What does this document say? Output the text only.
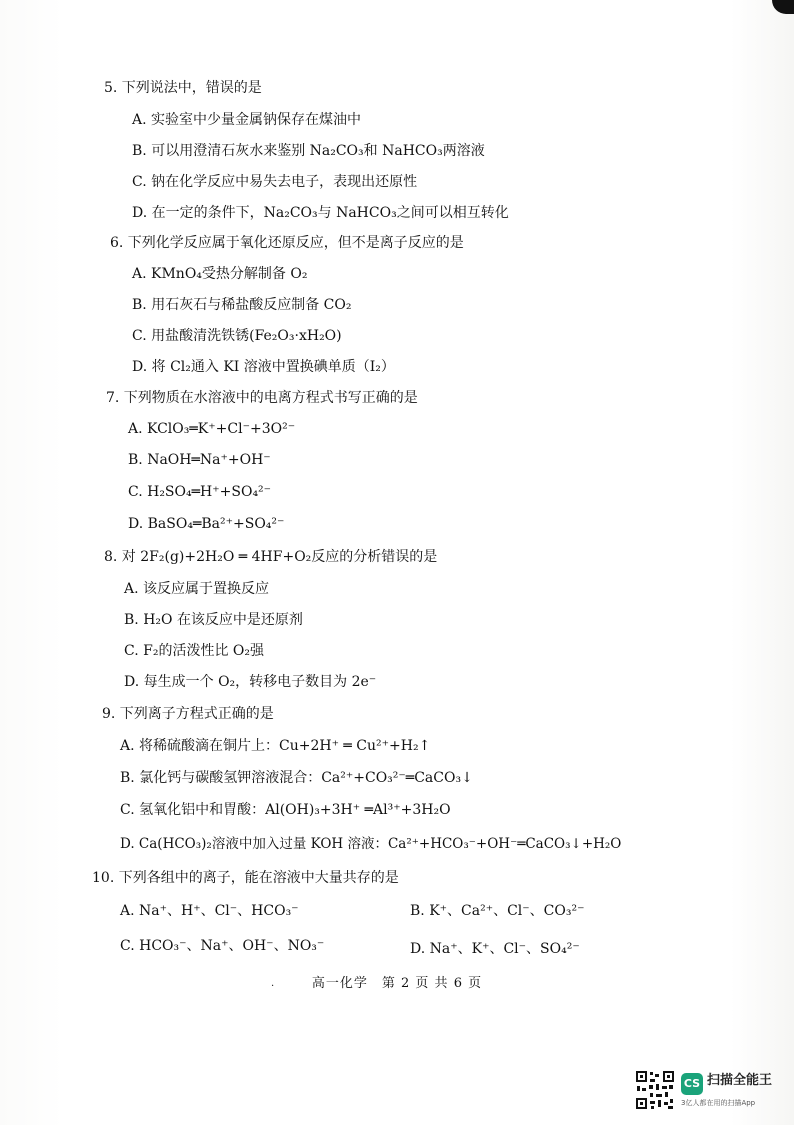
5. 下列说法中，错误的是
A. 实验室中少量金属钠保存在煤油中
B. 可以用澄清石灰水来鉴别 Na₂CO₃和 NaHCO₃两溶液
C. 钠在化学反应中易失去电子，表现出还原性
D. 在一定的条件下，Na₂CO₃与 NaHCO₃之间可以相互转化
6. 下列化学反应属于氧化还原反应，但不是离子反应的是
A. KMnO₄受热分解制备 O₂
B. 用石灰石与稀盐酸反应制备 CO₂
C. 用盐酸清洗铁锈(Fe₂O₃·xH₂O)
D. 将 Cl₂通入 KI 溶液中置换碘单质（I₂）
7. 下列物质在水溶液中的电离方程式书写正确的是
A. KClO₃═K⁺+Cl⁻+3O²⁻
B. NaOH═Na⁺+OH⁻
C. H₂SO₄═H⁺+SO₄²⁻
D. BaSO₄═Ba²⁺+SO₄²⁻
8. 对 2F₂(g)+2H₂O ═ 4HF+O₂反应的分析错误的是
A. 该反应属于置换反应
B. H₂O 在该反应中是还原剂
C. F₂的活泼性比 O₂强
D. 每生成一个 O₂，转移电子数目为 2e⁻
9. 下列离子方程式正确的是
A. 将稀硫酸滴在铜片上：Cu+2H⁺ ═ Cu²⁺+H₂↑
B. 氯化钙与碳酸氢钾溶液混合：Ca²⁺+CO₃²⁻═CaCO₃↓
C. 氢氧化铝中和胃酸：Al(OH)₃+3H⁺ ═Al³⁺+3H₂O
D. Ca(HCO₃)₂溶液中加入过量 KOH 溶液：Ca²⁺+HCO₃⁻+OH⁻═CaCO₃↓+H₂O
10. 下列各组中的离子，能在溶液中大量共存的是
A. Na⁺、H⁺、Cl⁻、HCO₃⁻	B. K⁺、Ca²⁺、Cl⁻、CO₃²⁻
C. HCO₃⁻、Na⁺、OH⁻、NO₃⁻	D. Na⁺、K⁺、Cl⁻、SO₄²⁻
.	高一化学　第 2 页 共 6 页
CS 扫描全能王
3亿人都在用的扫描App
